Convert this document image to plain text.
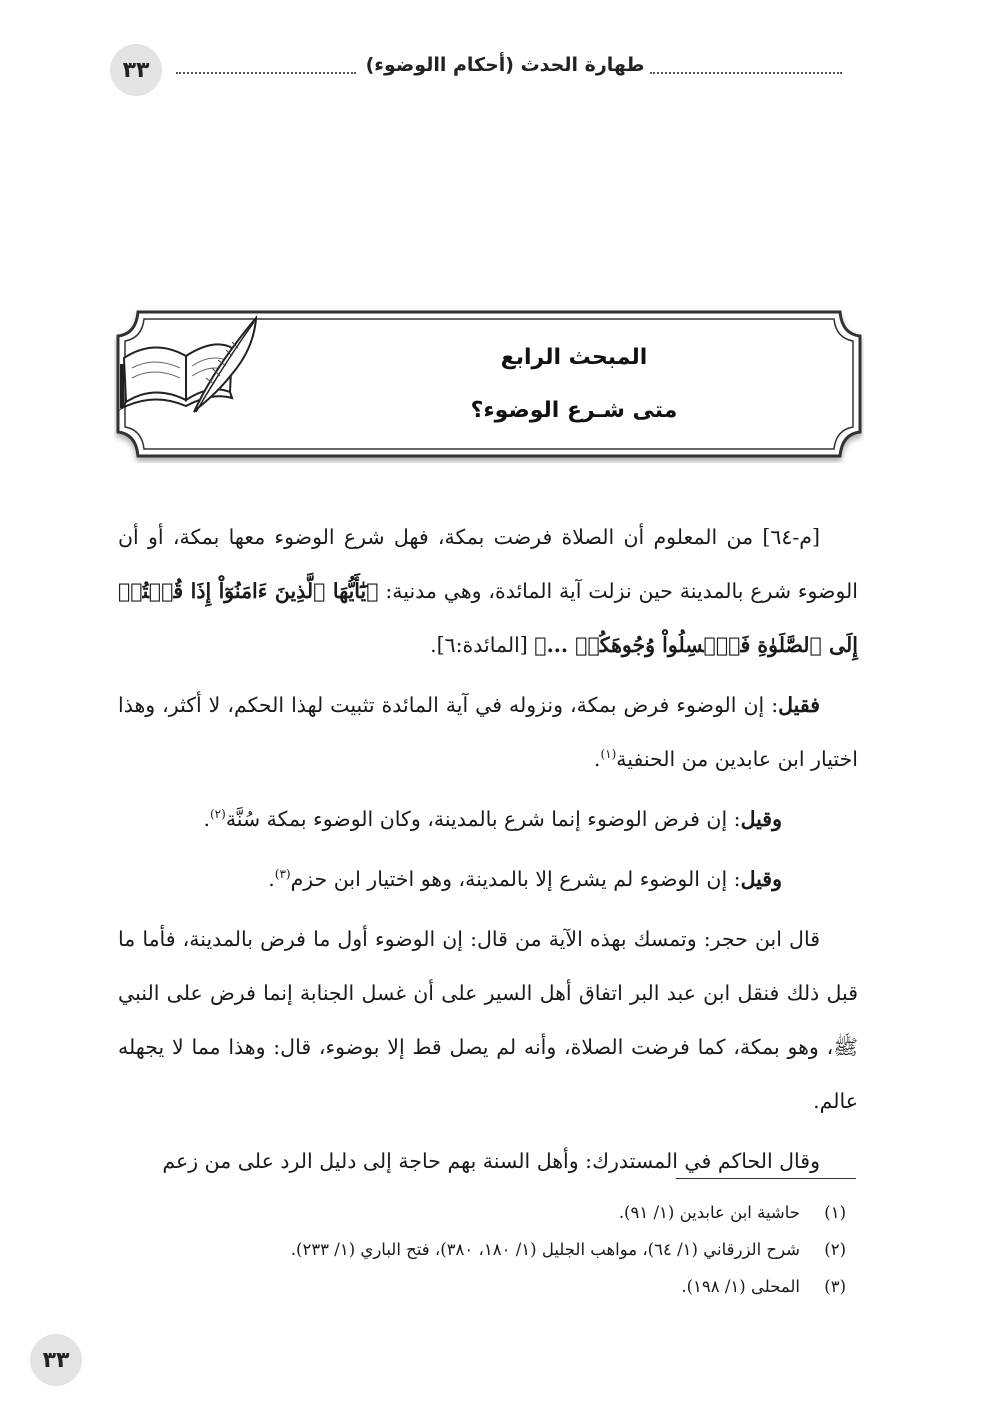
٣٣	طهارة الحدث (أحكام االوضوء)
المبحث الرابع
متى شـرع الوضوء؟

[م-٦٤] من المعلوم أن الصلاة فرضت بمكة، فهل شرع الوضوء معها بمكة، أو أن الوضوء شرع بالمدينة حين نزلت آية المائدة، وهي مدنية: ﴿يَٰٓأَيُّهَا ٱلَّذِينَ ءَامَنُوٓاْ إِذَا قُمۡتُمۡ إِلَى ٱلصَّلَوٰةِ فَٱغۡسِلُواْ وُجُوهَكُمۡ ...﴾ [المائدة:٦].

فقيل: إن الوضوء فرض بمكة، ونزوله في آية المائدة تثبيت لهذا الحكم، لا أكثر، وهذا اختيار ابن عابدين من الحنفية$^{(١)}$.

وقيل: إن فرض الوضوء إنما شرع بالمدينة، وكان الوضوء بمكة سُنَّة$^{(٢)}$.

وقيل: إن الوضوء لم يشرع إلا بالمدينة، وهو اختيار ابن حزم$^{(٣)}$.

قال ابن حجر: وتمسك بهذه الآية من قال: إن الوضوء أول ما فرض بالمدينة، فأما ما قبل ذلك فنقل ابن عبد البر اتفاق أهل السير على أن غسل الجنابة إنما فرض على النبي ﷺ، وهو بمكة، كما فرضت الصلاة، وأنه لم يصل قط إلا بوضوء، قال: وهذا مما لا يجهله عالم.

وقال الحاكم في المستدرك: وأهل السنة بهم حاجة إلى دليل الرد على من زعم

(١)
حاشية ابن عابدين (١/ ٩١).
(٢)
شرح الزرقاني (١/ ٦٤)، مواهب الجليل (١/ ١٨٠، ٣٨٠)، فتح الباري (١/ ٢٣٣).
(٣)
المحلى (١/ ١٩٨).
٣٣
